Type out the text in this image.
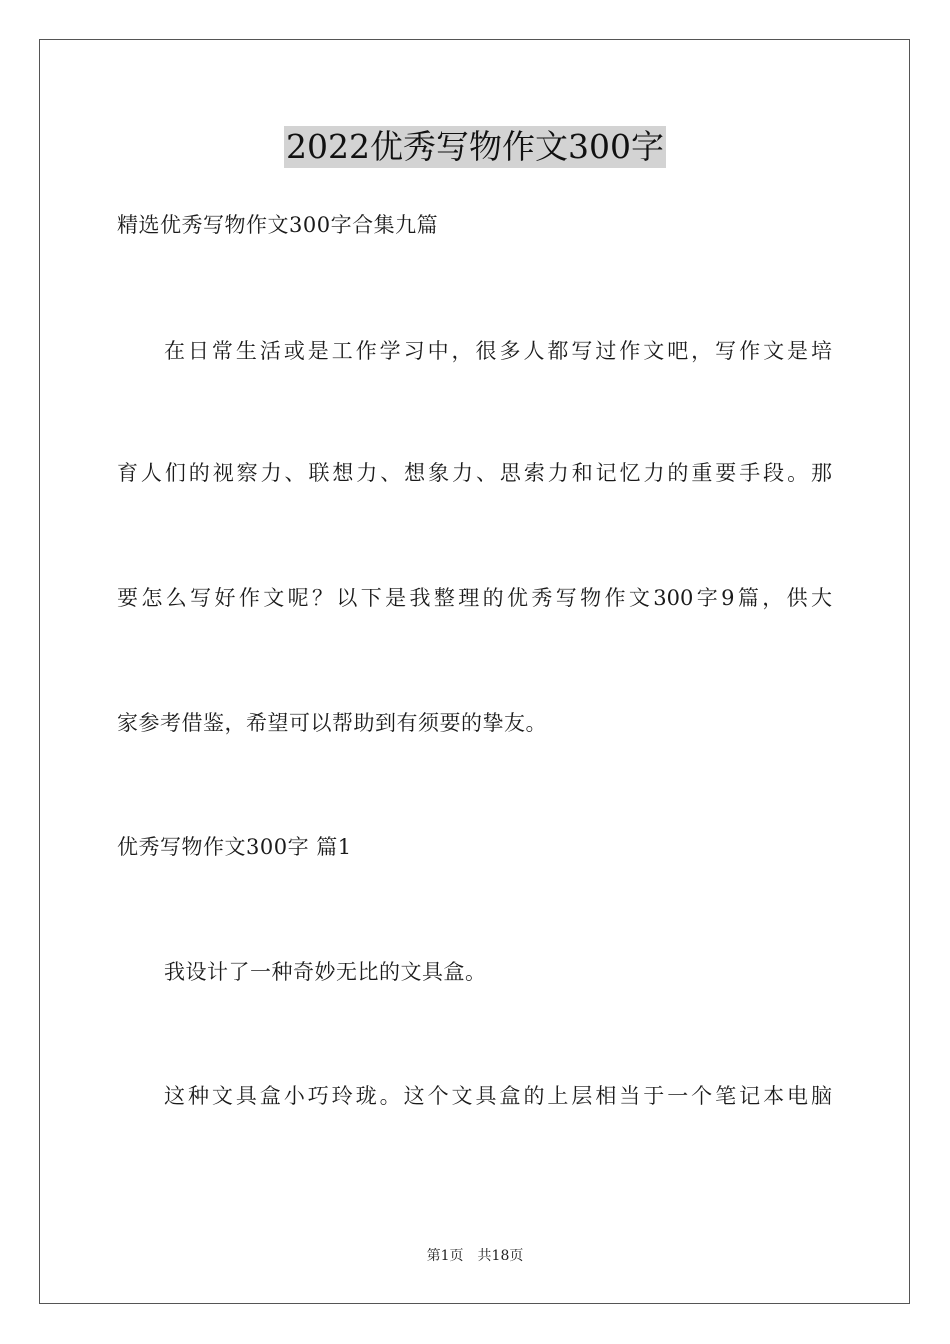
2022优秀写物作文300字
精选优秀写物作文300字合集九篇
在日常生活或是工作学习中，很多人都写过作文吧，写作文是培
育人们的视察力、联想力、想象力、思索力和记忆力的重要手段。那
要怎么写好作文呢？以下是我整理的优秀写物作文300字9篇，供大
家参考借鉴，希望可以帮助到有须要的挚友。
优秀写物作文300字 篇1
我设计了一种奇妙无比的文具盒。
这种文具盒小巧玲珑。这个文具盒的上层相当于一个笔记本电脑
第1页 共18页
